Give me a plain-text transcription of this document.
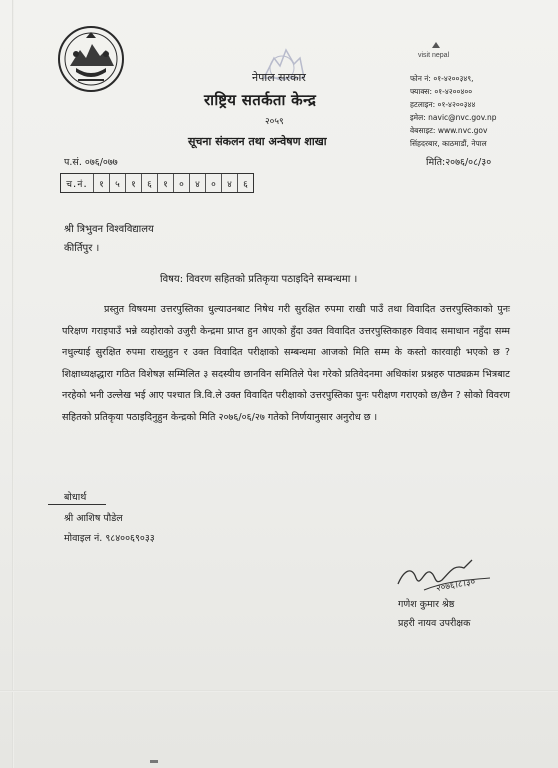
नेपाल सरकार
राष्ट्रिय सतर्कता केन्द्र
२०५९
सूचना संकलन तथा अन्वेषण शाखा
visit nepal
फोन नं: ०१-४२००३४९,
फ्याक्स: ०१-४२००४००
हटलाइन: ०१-४२००३४४
इमेल: navic@nvc.gov.np
वेबसाइट: www.nvc.gov
सिंहदरबार, काठमाडौं, नेपाल
प.सं. ०७६/०७७	मिति:२०७६/०८/३०
च.नं.	१	५	१	६	१	०	४	०	४	६
श्री त्रिभुवन विश्वविद्यालय
कीर्तिपुर ।
विषय: विवरण सहितको प्रतिकृया पठाइदिने सम्बन्धमा ।

प्रस्तुत विषयमा उत्तरपुस्तिका धुल्याउनबाट निषेध गरी सुरक्षित रुपमा राखी पाउँ तथा विवादित उत्तरपुस्तिकाको पुनः परिक्षण गराइपाउँ भन्ने व्यहोराको उजुरी केन्द्रमा प्राप्त हुन आएको हुँदा उक्त विवादित उत्तरपुस्तिकाहरु विवाद समाधान नहुँदा सम्म नधुल्याई सुरक्षित रुपमा राख्नुहुन र उक्त विवादित परीक्षाको सम्बन्धमा आजको मिति सम्म के कस्तो कारवाही भएको छ ? शिक्षाध्यक्षद्धारा गठित विशेषज्ञ सम्मिलित ३ सदस्यीय छानविन समितिले पेश गरेको प्रतिवेदनमा अधिकांश प्रश्नहरु पाठ्यक्रम भित्रबाट नरहेको भनी उल्लेख भई आए पश्चात त्रि.वि.ले उक्त विवादित परीक्षाको उत्तरपुस्तिका पुनः परीक्षण गराएको छ/छैन ? सोको विवरण सहितको प्रतिकृया पठाइदिनुहुन केन्द्रको मिति २०७६/०६/२७ गतेको निर्णयानुसार अनुरोध छ ।

बोधार्थ
श्री आशिष पौडेल
मोवाइल नं. ९८४००६९०३३
२०७६।८।३०
गणेश कुमार श्रेष्ठ
प्रहरी नायव उपरीक्षक
